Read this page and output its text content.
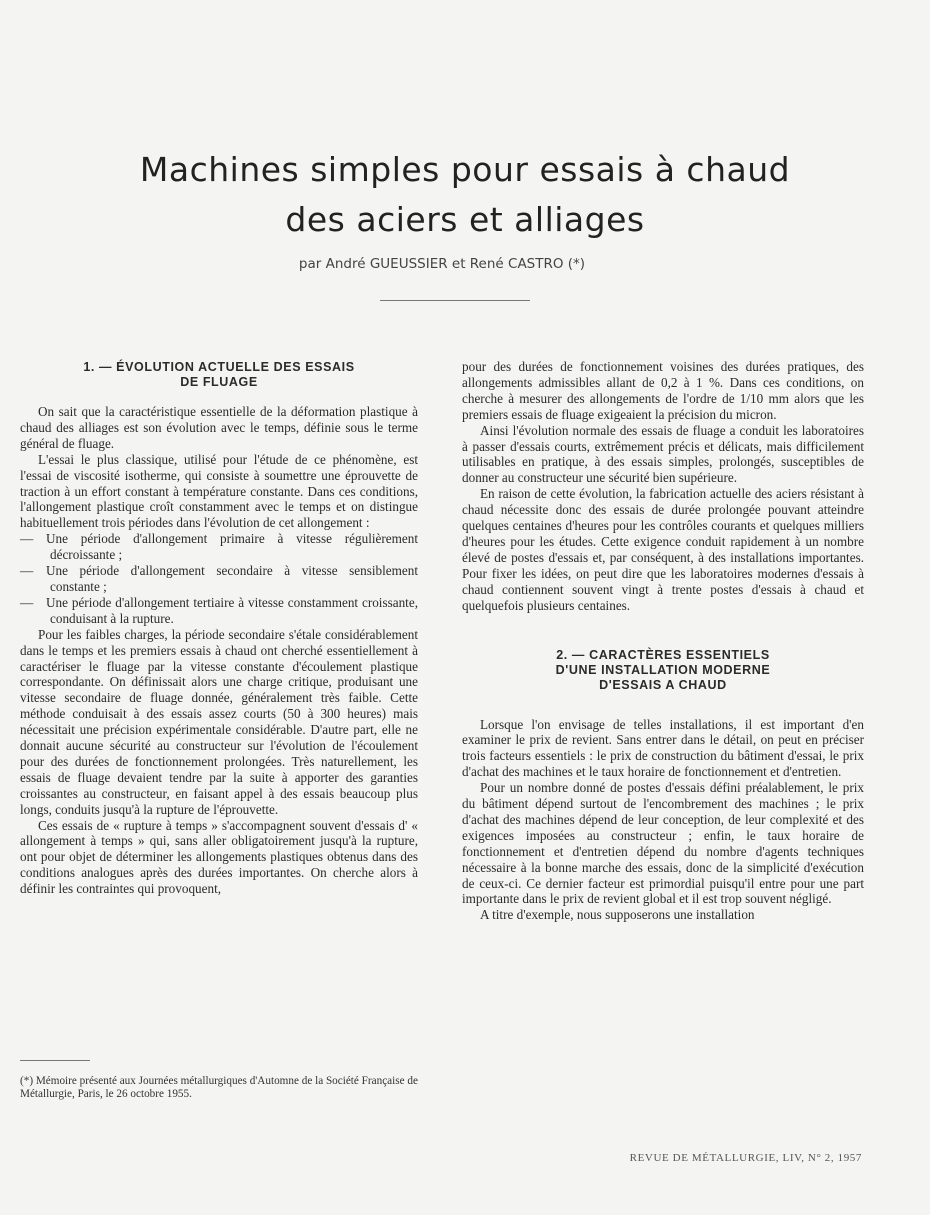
Machines simples pour essais à chaud
des aciers et alliages
par André GUEUSSIER et René CASTRO (*)
1. — ÉVOLUTION ACTUELLE DES ESSAIS
DE FLUAGE

On sait que la caractéristique essentielle de la déformation plastique à chaud des alliages est son évolution avec le temps, définie sous le terme général de fluage.

L'essai le plus classique, utilisé pour l'étude de ce phénomène, est l'essai de viscosité isotherme, qui consiste à soumettre une éprouvette de traction à un effort constant à température constante. Dans ces conditions, l'allongement plastique croît constamment avec le temps et on distingue habituellement trois périodes dans l'évolution de cet allongement :

— Une période d'allongement primaire à vitesse régulièrement décroissante ;
— Une période d'allongement secondaire à vitesse sensiblement constante ;
— Une période d'allongement tertiaire à vitesse constamment croissante, conduisant à la rupture.

Pour les faibles charges, la période secondaire s'étale considérablement dans le temps et les premiers essais à chaud ont cherché essentiellement à caractériser le fluage par la vitesse constante d'écoulement plastique correspondante. On définissait alors une charge critique, produisant une vitesse secondaire de fluage donnée, généralement très faible. Cette méthode conduisait à des essais assez courts (50 à 300 heures) mais nécessitait une précision expérimentale considérable. D'autre part, elle ne donnait aucune sécurité au constructeur sur l'évolution de l'écoulement pour des durées de fonctionnement prolongées. Très naturellement, les essais de fluage devaient tendre par la suite à apporter des garanties croissantes au constructeur, en faisant appel à des essais beaucoup plus longs, conduits jusqu'à la rupture de l'éprouvette.

Ces essais de « rupture à temps » s'accompagnent souvent d'essais d' « allongement à temps » qui, sans aller obligatoirement jusqu'à la rupture, ont pour objet de déterminer les allongements plastiques obtenus dans des conditions analogues après des durées importantes. On cherche alors à définir les contraintes qui provoquent,

pour des durées de fonctionnement voisines des durées pratiques, des allongements admissibles allant de 0,2 à 1 %. Dans ces conditions, on cherche à mesurer des allongements de l'ordre de 1/10 mm alors que les premiers essais de fluage exigeaient la précision du micron.

Ainsi l'évolution normale des essais de fluage a conduit les laboratoires à passer d'essais courts, extrêmement précis et délicats, mais difficilement utilisables en pratique, à des essais simples, prolongés, susceptibles de donner au constructeur une sécurité bien supérieure.

En raison de cette évolution, la fabrication actuelle des aciers résistant à chaud nécessite donc des essais de durée prolongée pouvant atteindre quelques centaines d'heures pour les contrôles courants et quelques milliers d'heures pour les études. Cette exigence conduit rapidement à un nombre élevé de postes d'essais et, par conséquent, à des installations importantes. Pour fixer les idées, on peut dire que les laboratoires modernes d'essais à chaud contiennent souvent vingt à trente postes d'essais à chaud et quelquefois plusieurs centaines.

2. — CARACTÈRES ESSENTIELS
D'UNE INSTALLATION MODERNE
D'ESSAIS A CHAUD

Lorsque l'on envisage de telles installations, il est important d'en examiner le prix de revient. Sans entrer dans le détail, on peut en préciser trois facteurs essentiels : le prix de construction du bâtiment d'essai, le prix d'achat des machines et le taux horaire de fonctionnement et d'entretien.

Pour un nombre donné de postes d'essais défini préalablement, le prix du bâtiment dépend surtout de l'encombrement des machines ; le prix d'achat des machines dépend de leur conception, de leur complexité et des exigences imposées au constructeur ; enfin, le taux horaire de fonctionnement et d'entretien dépend du nombre d'agents techniques nécessaire à la bonne marche des essais, donc de la simplicité d'exécution de ceux-ci. Ce dernier facteur est primordial puisqu'il entre pour une part importante dans le prix de revient global et il est trop souvent négligé.

A titre d'exemple, nous supposerons une installation

(*) Mémoire présenté aux Journées métallurgiques d'Automne de la Société Française de Métallurgie, Paris, le 26 octobre 1955.
REVUE DE MÉTALLURGIE, LIV, N° 2, 1957
